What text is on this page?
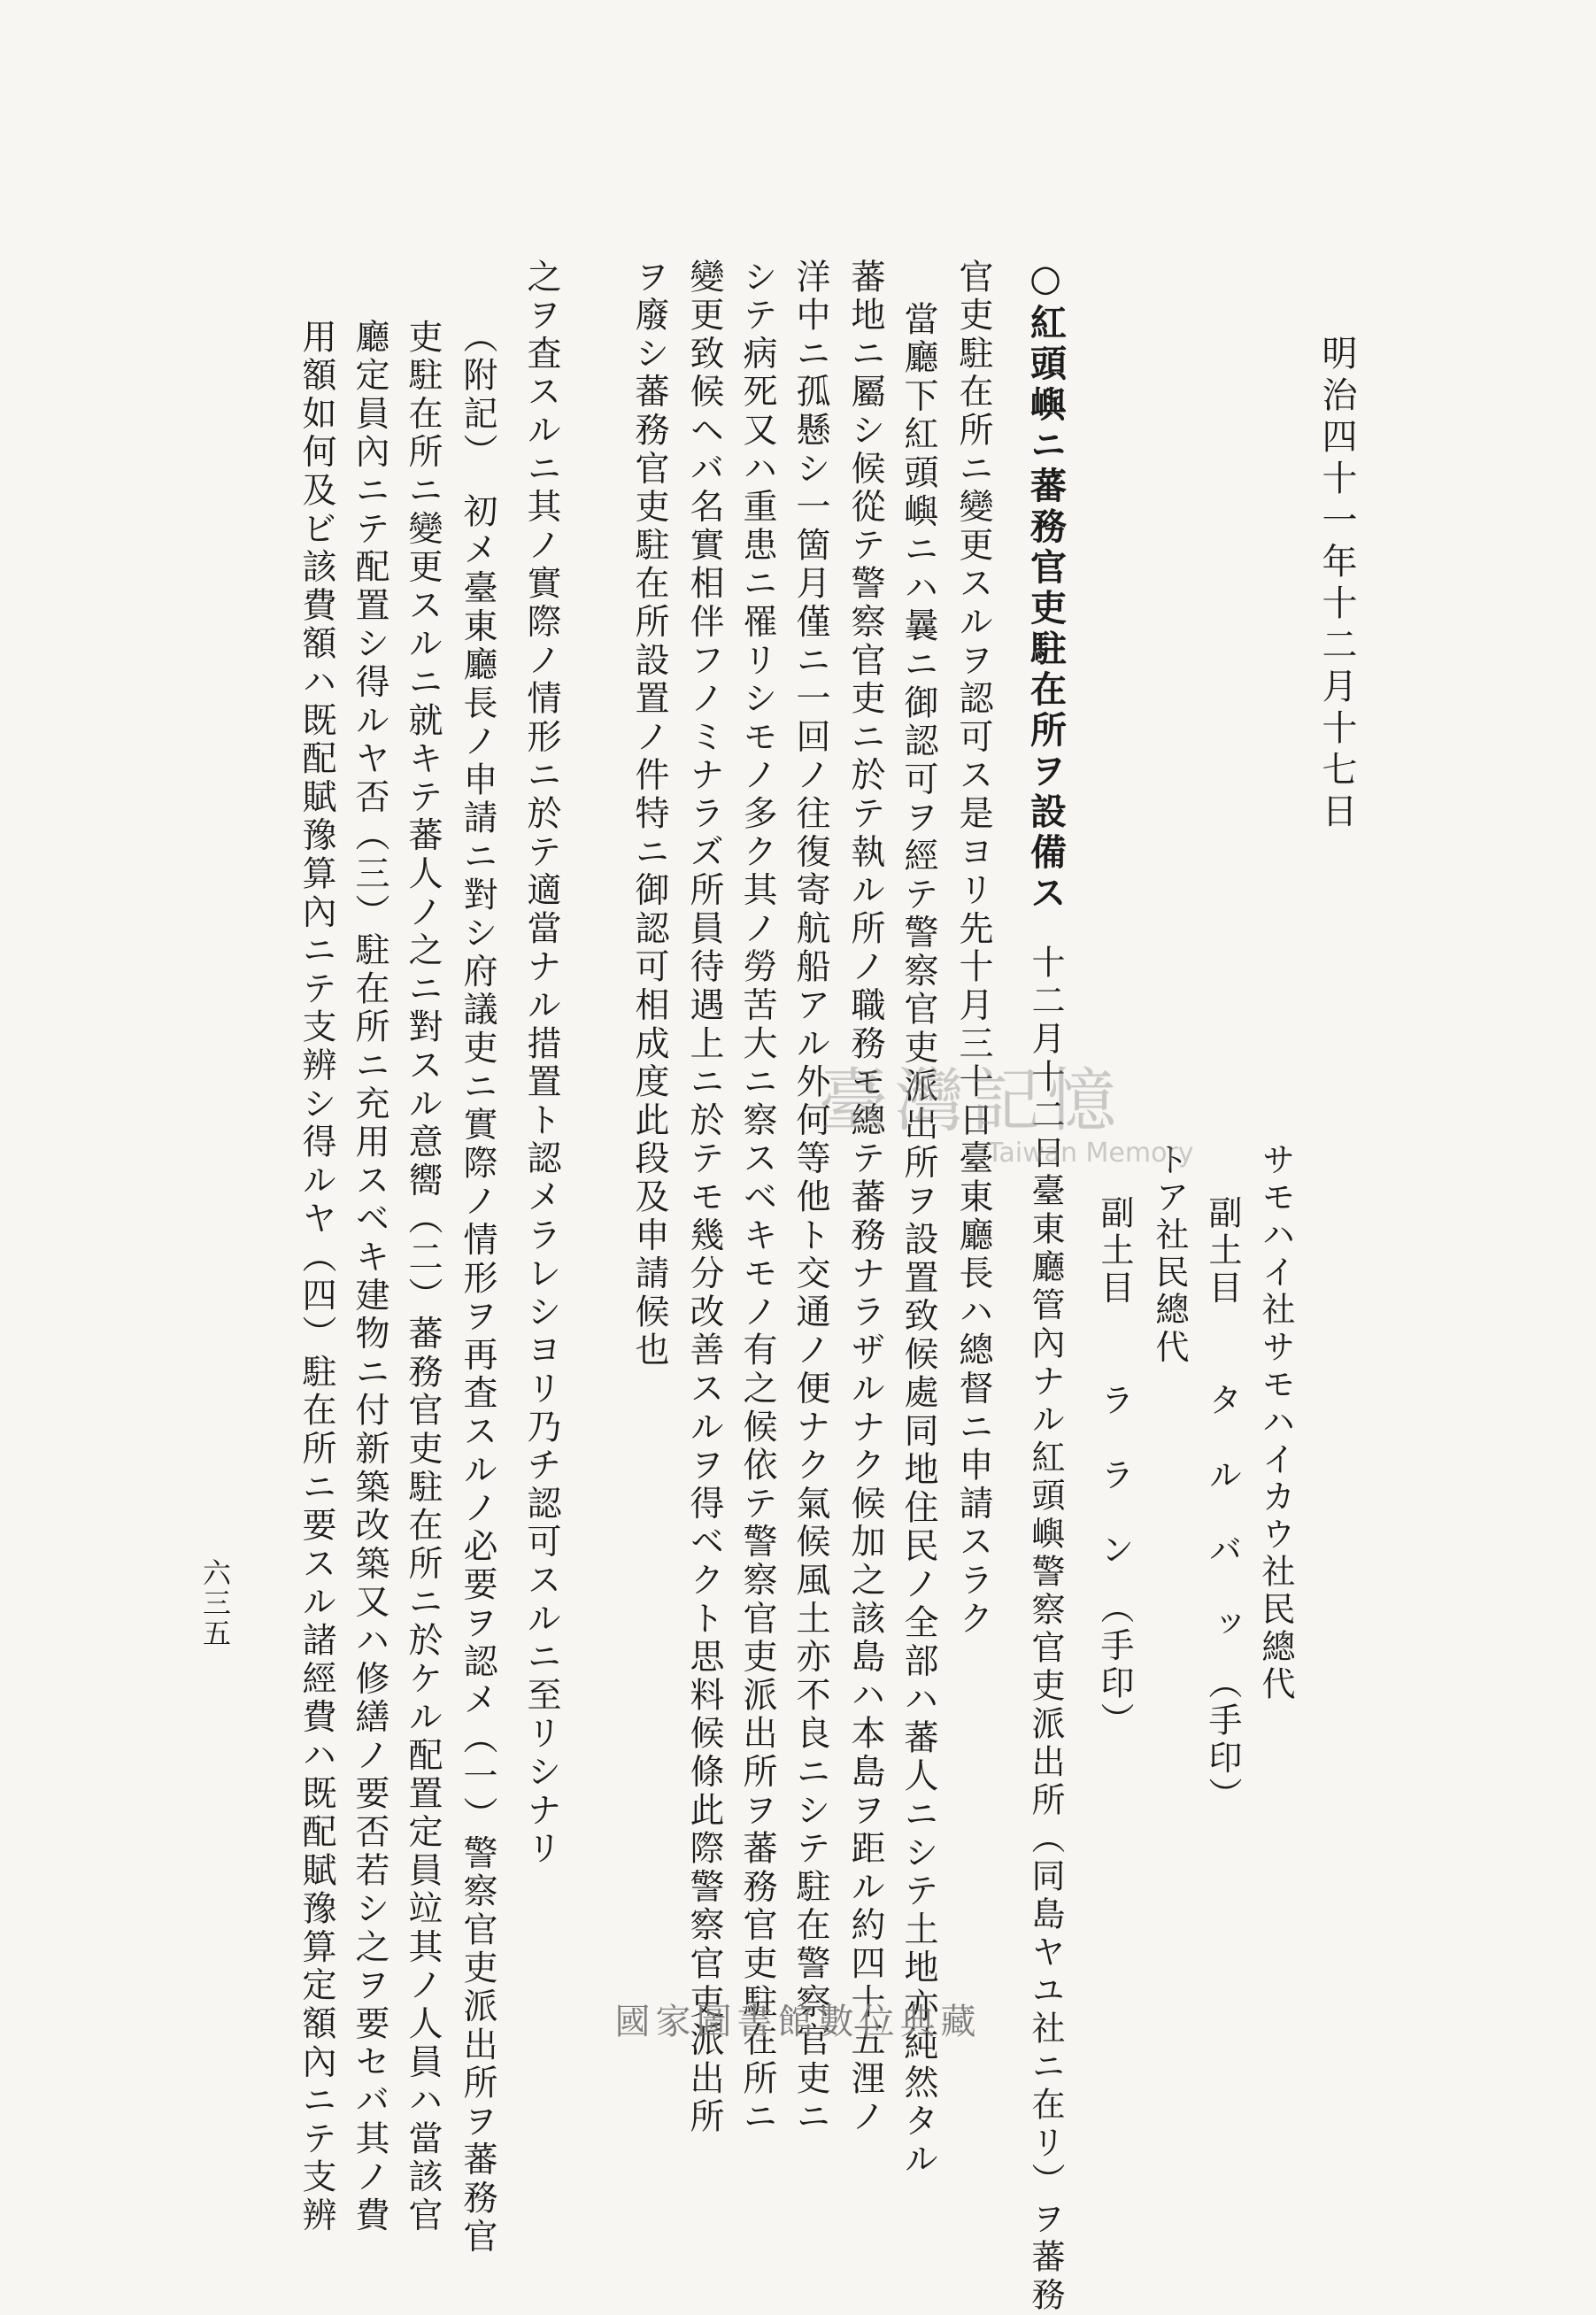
明治四十一年十二月十七日
サモハイ社サモハイカウ社民總代
副土目　　タ　ル　バ　ッ　（手印）
トア社民總代
副土目　　ラ　ラ　ン　（手印）
○紅頭嶼ニ蕃務官吏駐在所ヲ設備ス十二月十二日臺東廳管內ナル紅頭嶼警察官吏派出所（同島ヤユ社ニ在リ）ヲ蕃務
官吏駐在所ニ變更スルヲ認可ス是ヨリ先十月三十日臺東廳長ハ總督ニ申請スラク
當廳下紅頭嶼ニハ曩ニ御認可ヲ經テ警察官吏派出所ヲ設置致候處同地住民ノ全部ハ蕃人ニシテ土地亦純然タル
蕃地ニ屬シ候從テ警察官吏ニ於テ執ル所ノ職務モ總テ蕃務ナラザルナク候加之該島ハ本島ヲ距ル約四十五浬ノ
洋中ニ孤懸シ一箇月僅ニ一回ノ往復寄航船アル外何等他ト交通ノ便ナク氣候風土亦不良ニシテ駐在警察官吏ニ
シテ病死又ハ重患ニ罹リシモノ多ク其ノ勞苦大ニ察スベキモノ有之候依テ警察官吏派出所ヲ蕃務官吏駐在所ニ
變更致候ヘバ名實相伴フノミナラズ所員待遇上ニ於テモ幾分改善スルヲ得ベクト思料候條此際警察官吏派出所
ヲ廢シ蕃務官吏駐在所設置ノ件特ニ御認可相成度此段及申請候也
之ヲ査スルニ其ノ實際ノ情形ニ於テ適當ナル措置ト認メラレシヨリ乃チ認可スルニ至リシナリ
（附記）　初メ臺東廳長ノ申請ニ對シ府議吏ニ實際ノ情形ヲ再査スルノ必要ヲ認メ（一）警察官吏派出所ヲ蕃務官
吏駐在所ニ變更スルニ就キテ蕃人ノ之ニ對スル意嚮（二）蕃務官吏駐在所ニ於ケル配置定員竝其ノ人員ハ當該官
廳定員內ニテ配置シ得ルヤ否（三）駐在所ニ充用スベキ建物ニ付新築改築又ハ修繕ノ要否若シ之ヲ要セバ其ノ費
用額如何及ビ該費額ハ既配賦豫算內ニテ支辨シ得ルヤ（四）駐在所ニ要スル諸經費ハ既配賦豫算定額內ニテ支辨
六三五
臺灣記憶
Taiwan Memory
國家圖書館數位典藏
